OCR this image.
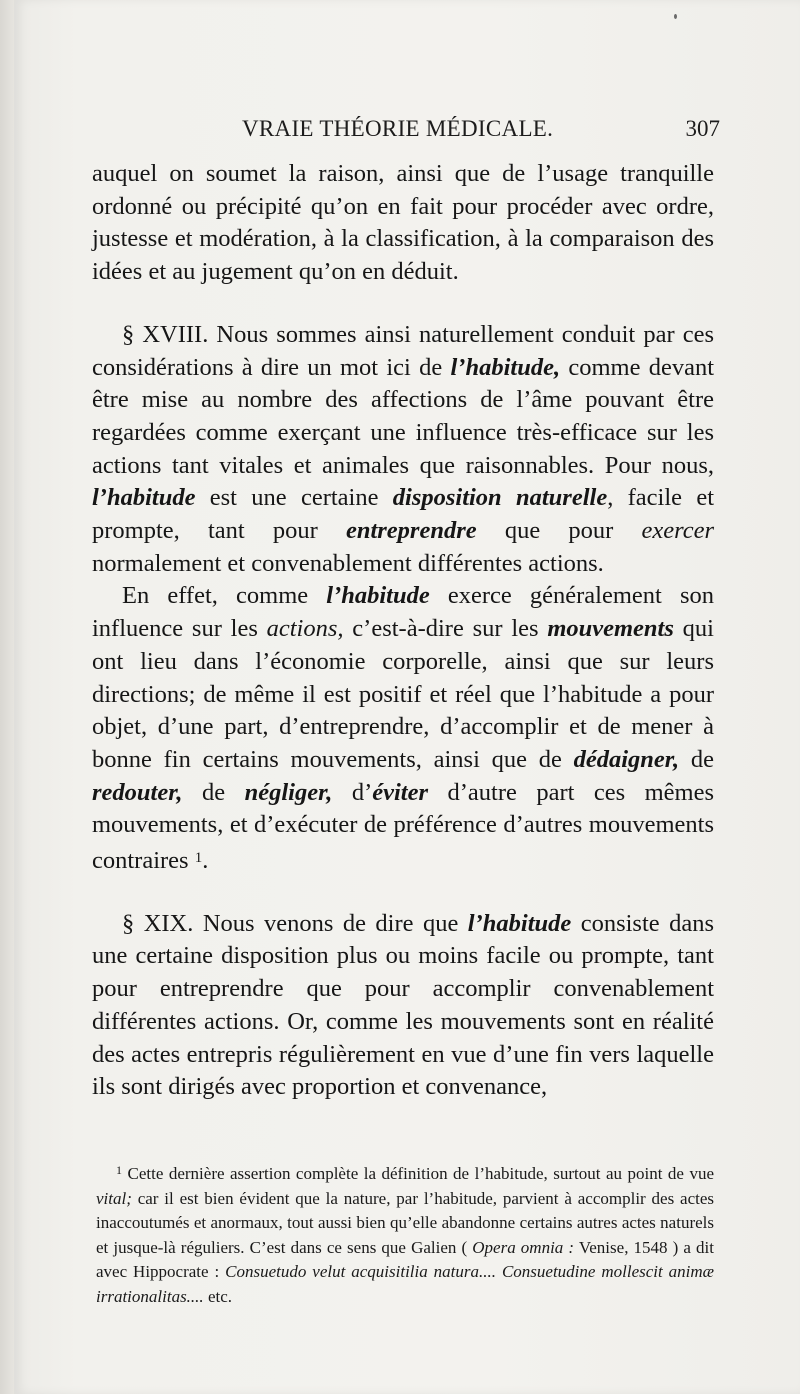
VRAIE THÉORIE MÉDICALE.	307

auquel on soumet la raison, ainsi que de l’usage tranquille ordonné ou précipité qu’on en fait pour procéder avec ordre, justesse et modération, à la classification, à la comparaison des idées et au jugement qu’on en déduit.

§ XVIII. Nous sommes ainsi naturellement conduit par ces considérations à dire un mot ici de l’habitude, comme devant être mise au nombre des affections de l’âme pouvant être regardées comme exerçant une influence très-efficace sur les actions tant vitales et animales que raisonnables. Pour nous, l’habitude est une certaine disposition naturelle, facile et prompte, tant pour entreprendre que pour exercer normalement et convenablement différentes actions.

En effet, comme l’habitude exerce généralement son influence sur les actions, c’est-à-dire sur les mouvements qui ont lieu dans l’économie corporelle, ainsi que sur leurs directions; de même il est positif et réel que l’habitude a pour objet, d’une part, d’entreprendre, d’accomplir et de mener à bonne fin certains mouvements, ainsi que de dédaigner, de redouter, de négliger, d’éviter d’autre part ces mêmes mouvements, et d’exécuter de préférence d’autres mouvements contraires $^1$.

§ XIX. Nous venons de dire que l’habitude consiste dans une certaine disposition plus ou moins facile ou prompte, tant pour entreprendre que pour accomplir convenablement différentes actions. Or, comme les mouvements sont en réalité des actes entrepris régulièrement en vue d’une fin vers laquelle ils sont dirigés avec proportion et convenance,

$^1$ Cette dernière assertion complète la définition de l’habitude, surtout au point de vue vital; car il est bien évident que la nature, par l’habitude, parvient à accomplir des actes inaccoutumés et anormaux, tout aussi bien qu’elle abandonne certains autres actes naturels et jusque-là réguliers. C’est dans ce sens que Galien ( Opera omnia : Venise, 1548 ) a dit avec Hippocrate : Consuetudo velut acquisitilia natura.... Consuetudine mollescit animæ irrationalitas.... etc.
